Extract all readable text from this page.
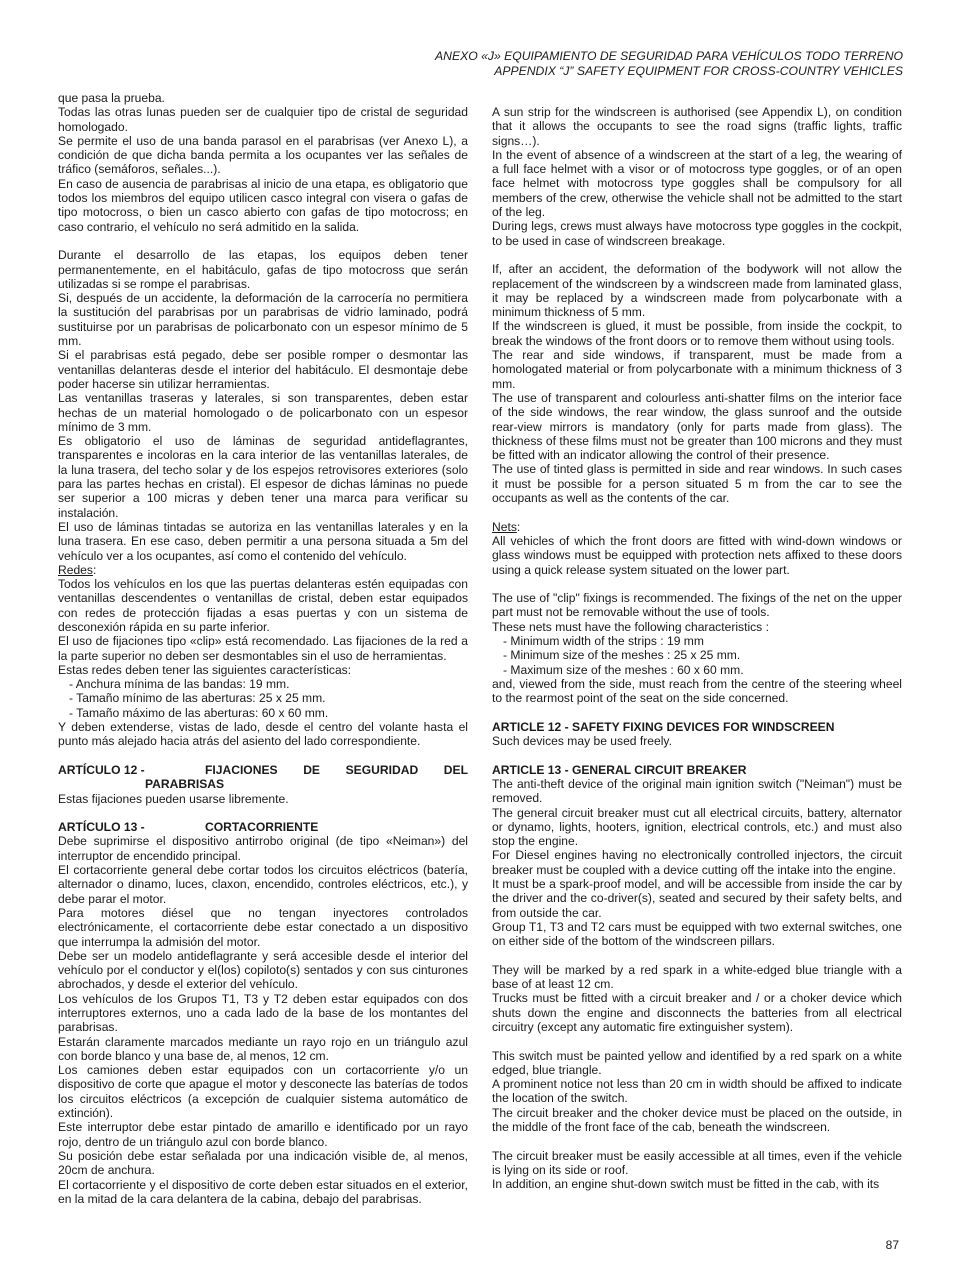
ANEXO «J» EQUIPAMIENTO DE SEGURIDAD PARA VEHÍCULOS TODO TERRENO
APPENDIX “J” SAFETY EQUIPMENT FOR CROSS-COUNTRY VEHICLES

que pasa la prueba.

Todas las otras lunas pueden ser de cualquier tipo de cristal de seguridad homologado.

Se permite el uso de una banda parasol en el parabrisas (ver Anexo L), a condición de que dicha banda permita a los ocupantes ver las señales de tráfico (semáforos, señales...).

En caso de ausencia de parabrisas al inicio de una etapa, es obligatorio que todos los miembros del equipo utilicen casco integral con visera o gafas de tipo motocross, o bien un casco abierto con gafas de tipo motocross; en caso contrario, el vehículo no será admitido en la salida.

Durante el desarrollo de las etapas, los equipos deben tener permanentemente, en el habitáculo, gafas de tipo motocross que serán utilizadas si se rompe el parabrisas.

Si, después de un accidente, la deformación de la carrocería no permitiera la sustitución del parabrisas por un parabrisas de vidrio laminado, podrá sustituirse por un parabrisas de policarbonato con un espesor mínimo de 5 mm.

Si el parabrisas está pegado, debe ser posible romper o desmontar las ventanillas delanteras desde el interior del habitáculo. El desmontaje debe poder hacerse sin utilizar herramientas.

Las ventanillas traseras y laterales, si son transparentes, deben estar hechas de un material homologado o de policarbonato con un espesor mínimo de 3 mm.

Es obligatorio el uso de láminas de seguridad antideflagrantes, transparentes e incoloras en la cara interior de las ventanillas laterales, de la luna trasera, del techo solar y de los espejos retrovisores exteriores (solo para las partes hechas en cristal). El espesor de dichas láminas no puede ser superior a 100 micras y deben tener una marca para verificar su instalación.

El uso de láminas tintadas se autoriza en las ventanillas laterales y en la luna trasera. En ese caso, deben permitir a una persona situada a 5m del vehículo ver a los ocupantes, así como el contenido del vehículo.

Redes:

Todos los vehículos en los que las puertas delanteras estén equipadas con ventanillas descendentes o ventanillas de cristal, deben estar equipados con redes de protección fijadas a esas puertas y con un sistema de desconexión rápida en su parte inferior.

El uso de fijaciones tipo «clip» está recomendado. Las fijaciones de la red a la parte superior no deben ser desmontables sin el uso de herramientas.

Estas redes deben tener las siguientes características:

- Anchura mínima de las bandas: 19 mm.

- Tamaño mínimo de las aberturas: 25 x 25 mm.

- Tamaño máximo de las aberturas: 60 x 60 mm.

Y deben extenderse, vistas de lado, desde el centro del volante hasta el punto más alejado hacia atrás del asiento del lado correspondiente.

ARTÍCULO 12 -	FIJACIONES DE SEGURIDAD DEL

PARABRISAS

Estas fijaciones pueden usarse libremente.

ARTÍCULO 13 -	CORTACORRIENTE

Debe suprimirse el dispositivo antirrobo original (de tipo «Neiman») del interruptor de encendido principal.

El cortacorriente general debe cortar todos los circuitos eléctricos (batería, alternador o dinamo, luces, claxon, encendido, controles eléctricos, etc.), y debe parar el motor.

Para motores diésel que no tengan inyectores controlados electrónicamente, el cortacorriente debe estar conectado a un dispositivo que interrumpa la admisión del motor.

Debe ser un modelo antideflagrante y será accesible desde el interior del vehículo por el conductor y el(los) copiloto(s) sentados y con sus cinturones abrochados, y desde el exterior del vehículo.

Los vehículos de los Grupos T1, T3 y T2 deben estar equipados con dos interruptores externos, uno a cada lado de la base de los montantes del parabrisas.

Estarán claramente marcados mediante un rayo rojo en un triángulo azul con borde blanco y una base de, al menos, 12 cm.

Los camiones deben estar equipados con un cortacorriente y/o un dispositivo de corte que apague el motor y desconecte las baterías de todos los circuitos eléctricos (a excepción de cualquier sistema automático de extinción).

Este interruptor debe estar pintado de amarillo e identificado por un rayo rojo, dentro de un triángulo azul con borde blanco.

Su posición debe estar señalada por una indicación visible de, al menos, 20cm de anchura.

El cortacorriente y el dispositivo de corte deben estar situados en el exterior, en la mitad de la cara delantera de la cabina, debajo del parabrisas.

A sun strip for the windscreen is authorised (see Appendix L), on condition that it allows the occupants to see the road signs (traffic lights, traffic signs…).

In the event of absence of a windscreen at the start of a leg, the wearing of a full face helmet with a visor or of motocross type goggles, or of an open face helmet with motocross type goggles shall be compulsory for all members of the crew, otherwise the vehicle shall not be admitted to the start of the leg.

During legs, crews must always have motocross type goggles in the cockpit, to be used in case of windscreen breakage.

If, after an accident, the deformation of the bodywork will not allow the replacement of the windscreen by a windscreen made from laminated glass, it may be replaced by a windscreen made from polycarbonate with a minimum thickness of 5 mm.

If the windscreen is glued, it must be possible, from inside the cockpit, to break the windows of the front doors or to remove them without using tools.

The rear and side windows, if transparent, must be made from a homologated material or from polycarbonate with a minimum thickness of 3 mm.

The use of transparent and colourless anti-shatter films on the interior face of the side windows, the rear window, the glass sunroof and the outside rear-view mirrors is mandatory (only for parts made from glass). The thickness of these films must not be greater than 100 microns and they must be fitted with an indicator allowing the control of their presence.

The use of tinted glass is permitted in side and rear windows. In such cases it must be possible for a person situated 5 m from the car to see the occupants as well as the contents of the car.

Nets:

All vehicles of which the front doors are fitted with wind-down windows or glass windows must be equipped with protection nets affixed to these doors using a quick release system situated on the lower part.

The use of "clip" fixings is recommended. The fixings of the net on the upper part must not be removable without the use of tools.

These nets must have the following characteristics :

- Minimum width of the strips : 19 mm

- Minimum size of the meshes : 25 x 25 mm.

- Maximum size of the meshes : 60 x 60 mm.

and, viewed from the side, must reach from the centre of the steering wheel to the rearmost point of the seat on the side concerned.

ARTICLE 12 - SAFETY FIXING DEVICES FOR WINDSCREEN

Such devices may be used freely.

ARTICLE 13 - GENERAL CIRCUIT BREAKER

The anti-theft device of the original main ignition switch ("Neiman") must be removed.

The general circuit breaker must cut all electrical circuits, battery, alternator or dynamo, lights, hooters, ignition, electrical controls, etc.) and must also stop the engine.

For Diesel engines having no electronically controlled injectors, the circuit breaker must be coupled with a device cutting off the intake into the engine.

It must be a spark-proof model, and will be accessible from inside the car by the driver and the co-driver(s), seated and secured by their safety belts, and from outside the car.

Group T1, T3 and T2 cars must be equipped with two external switches, one on either side of the bottom of the windscreen pillars.

They will be marked by a red spark in a white-edged blue triangle with a base of at least 12 cm.

Trucks must be fitted with a circuit breaker and / or a choker device which shuts down the engine and disconnects the batteries from all electrical circuitry (except any automatic fire extinguisher system).

This switch must be painted yellow and identified by a red spark on a white edged, blue triangle.

A prominent notice not less than 20 cm in width should be affixed to indicate the location of the switch.

The circuit breaker and the choker device must be placed on the outside, in the middle of the front face of the cab, beneath the windscreen.

The circuit breaker must be easily accessible at all times, even if the vehicle is lying on its side or roof.

In addition, an engine shut-down switch must be fitted in the cab, with its

87
